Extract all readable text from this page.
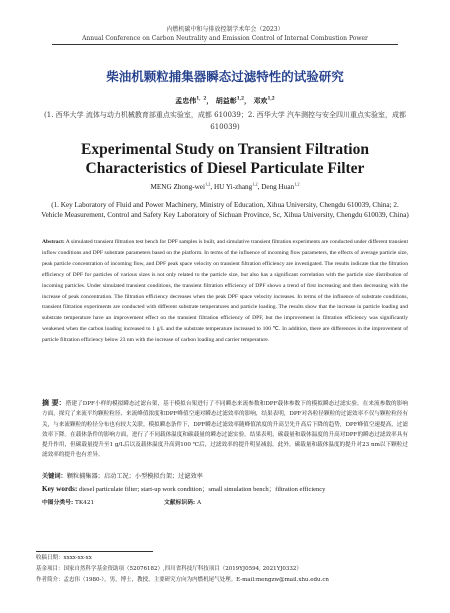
内燃机碳中和与排放控制学术年会（2023）
Annual Conference on Carbon Neutrality and Emission Control of Internal Combustion Power
柴油机颗粒捕集器瞬态过滤特性的试验研究
孟忠伟$^{1,2}$， 胡益彰$^{1,2}$， 邓欢$^{1,2}$
(1. 西华大学 流体与动力机械教育部重点实验室，成都 610039；2. 西华大学 汽车测控与安全四川重点实验室，成都 610039)
Experimental Study on Transient Filtration Characteristics of Diesel Particulate Filter
MENG Zhong-wei$^{1,2}$, HU Yi-zhang$^{1,2}$, Deng Huan$^{1,2}$
(1. Key Laboratory of Fluid and Power Machinery, Ministry of Education, Xihua University, Chengdu 610039, China; 2. Vehicle Measurement, Control and Safety Key Laboratory of Sichuan Province, Sc, Xihua University, Chengdu 610039, China)
Abstract: A simulated transient filtration test bench for DPF samples is built, and simulative transient filtration experiments are conducted under different transient inflow conditions and DPF substrate parameters based on the platform. In terms of the influence of incoming flow parameters, the effects of average particle size, peak particle concentration of incoming flow, and DPF peak space velocity on transient filtration efficiency are investigated. The results indicate that the filtration efficiency of DPF for particles of various sizes is not only related to the particle size, but also has a significant correlation with the particle size distribution of incoming particles. Under simulated transient conditions, the transient filtration efficiency of DPF shows a trend of first increasing and then decreasing with the increase of peak concentration. The filtration efficiency decreases when the peak DPF space velocity increases. In terms of the influence of substrate conditions, transient filtration experiments are conducted with different substrate temperatures and particle loading. The results show that the increase in particle loading and substrate temperature have an improvement effect on the transient filtration efficiency of DPF, but the improvement in filtration efficiency was significantly weakened when the carbon loading increased to 1 g/L and the substrate temperature increased to 100 ℃. In addition, there are differences in the improvement of particle filtration efficiency below 23 nm with the increase of carbon loading and carrier temperature.
摘 要：搭建了DPF小样的模拟瞬态过滤台架，基于模拟台架进行了不同瞬态来流参数和DPF载体参数下的模拟瞬态过滤实验。在来流参数的影响方面，探究了来流平均颗粒粒径、来流峰值浓度和DPF峰值空速对瞬态过滤效率的影响，结果表明，DPF对各粒径颗粒的过滤效率不仅与颗粒粒径有关，与来流颗粒的粒径分布也有较大关联。模拟瞬态条件下，DPF瞬态过滤效率随峰值浓度的升高呈先升高后下降的趋势，DPF峰值空速提高，过滤效率下降。在载体条件的影响方面，进行了不同载体温度和碳载量的瞬态过滤实验。结果表明，碳载量和载体温度的升高对DPF的瞬态过滤效率具有提升作用，但碳载量提升至1 g/L后以及载体温度升高到100 ℃后，过滤效率的提升明显减弱。此外，碳载量和载体温度的提升对23 nm以下颗粒过滤效率的提升也有差异。
关键词：颗粒捕集器；启动工况；小型模拟台架；过滤效率
Key words: diesel particulate filter; start-up work condition；small simulation bench；filtration efficiency
中图分类号: TK421	文献标识码: A
收稿日期：xxxx-xx-xx
基金项目：国家自然科学基金资助项（52076182）,四川省科技厅科技项目（2019YJ0594, 2021YJ0332）
作者简介：孟忠伟（1980-），男，博士，教授，主要研究方向为内燃机尾气处理。E-mail:mengzw@mail.xhu.edu.cn
